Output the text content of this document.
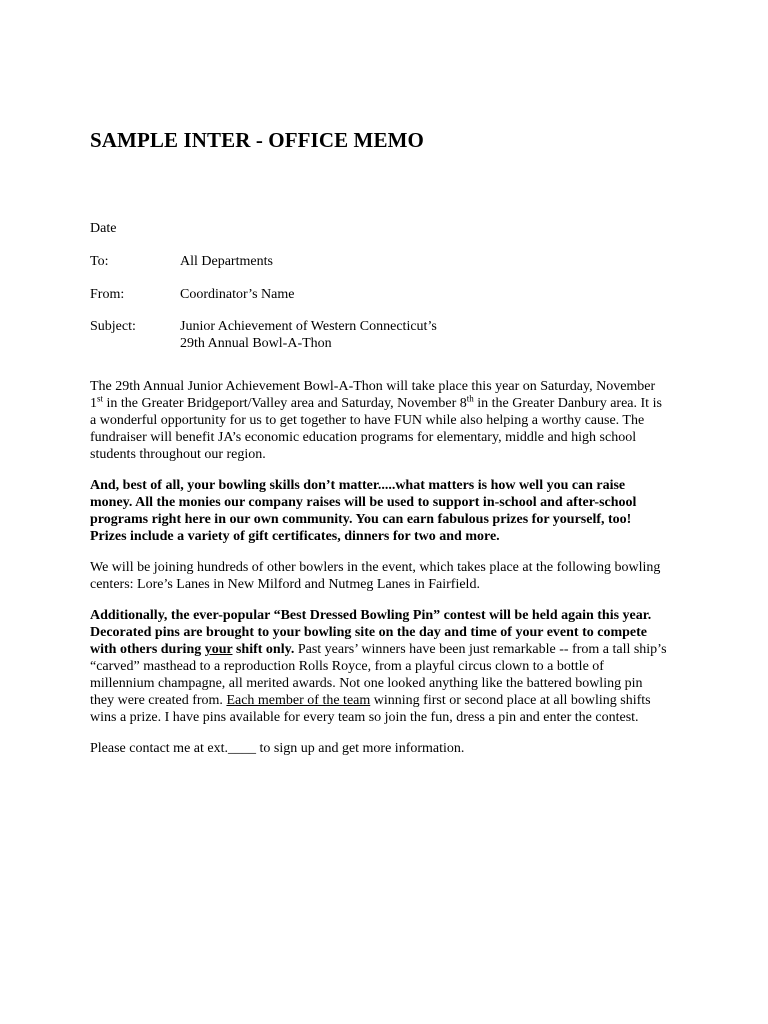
SAMPLE INTER - OFFICE MEMO
Date
To:	All Departments
From:	Coordinator’s Name
Subject:	Junior Achievement of Western Connecticut’s
29th Annual Bowl-A-Thon

The 29th Annual Junior Achievement Bowl-A-Thon will take place this year on Saturday, November 1st in the Greater Bridgeport/Valley area and Saturday, November 8th in the Greater Danbury area. It is a wonderful opportunity for us to get together to have FUN while also helping a worthy cause. The fundraiser will benefit JA’s economic education programs for elementary, middle and high school students throughout our region.

And, best of all, your bowling skills don’t matter.....what matters is how well you can raise money. All the monies our company raises will be used to support in-school and after-school programs right here in our own community. You can earn fabulous prizes for yourself, too! Prizes include a variety of gift certificates, dinners for two and more.

We will be joining hundreds of other bowlers in the event, which takes place at the following bowling centers: Lore’s Lanes in New Milford and Nutmeg Lanes in Fairfield.

Additionally, the ever-popular “Best Dressed Bowling Pin” contest will be held again this year. Decorated pins are brought to your bowling site on the day and time of your event to compete with others during your shift only. Past years’ winners have been just remarkable -- from a tall ship’s “carved” masthead to a reproduction Rolls Royce, from a playful circus clown to a bottle of millennium champagne, all merited awards. Not one looked anything like the battered bowling pin they were created from. Each member of the team winning first or second place at all bowling shifts wins a prize. I have pins available for every team so join the fun, dress a pin and enter the contest.

Please contact me at ext.____ to sign up and get more information.
